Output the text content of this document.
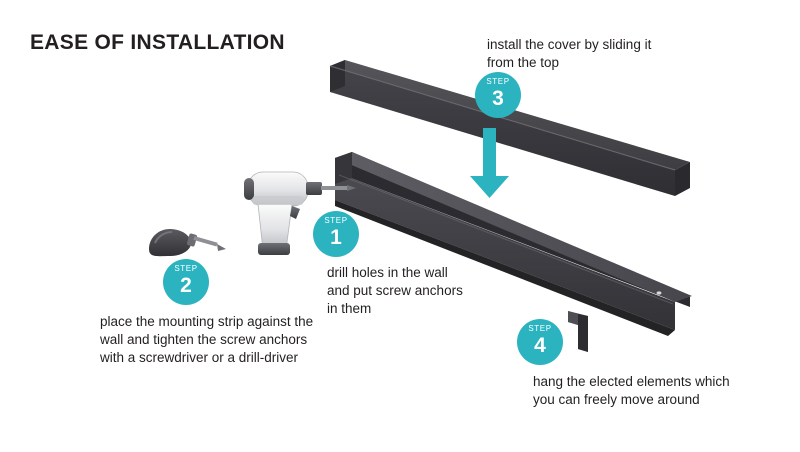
EASE OF INSTALLATION
STEP
1
drill holes in the wall and put screw anchors in them
STEP
2
place the mounting strip against the wall and tighten the screw anchors with a screwdriver or a drill-driver
STEP
3
install the cover by sliding it from the top
STEP
4
hang the elected elements which you can freely move around
